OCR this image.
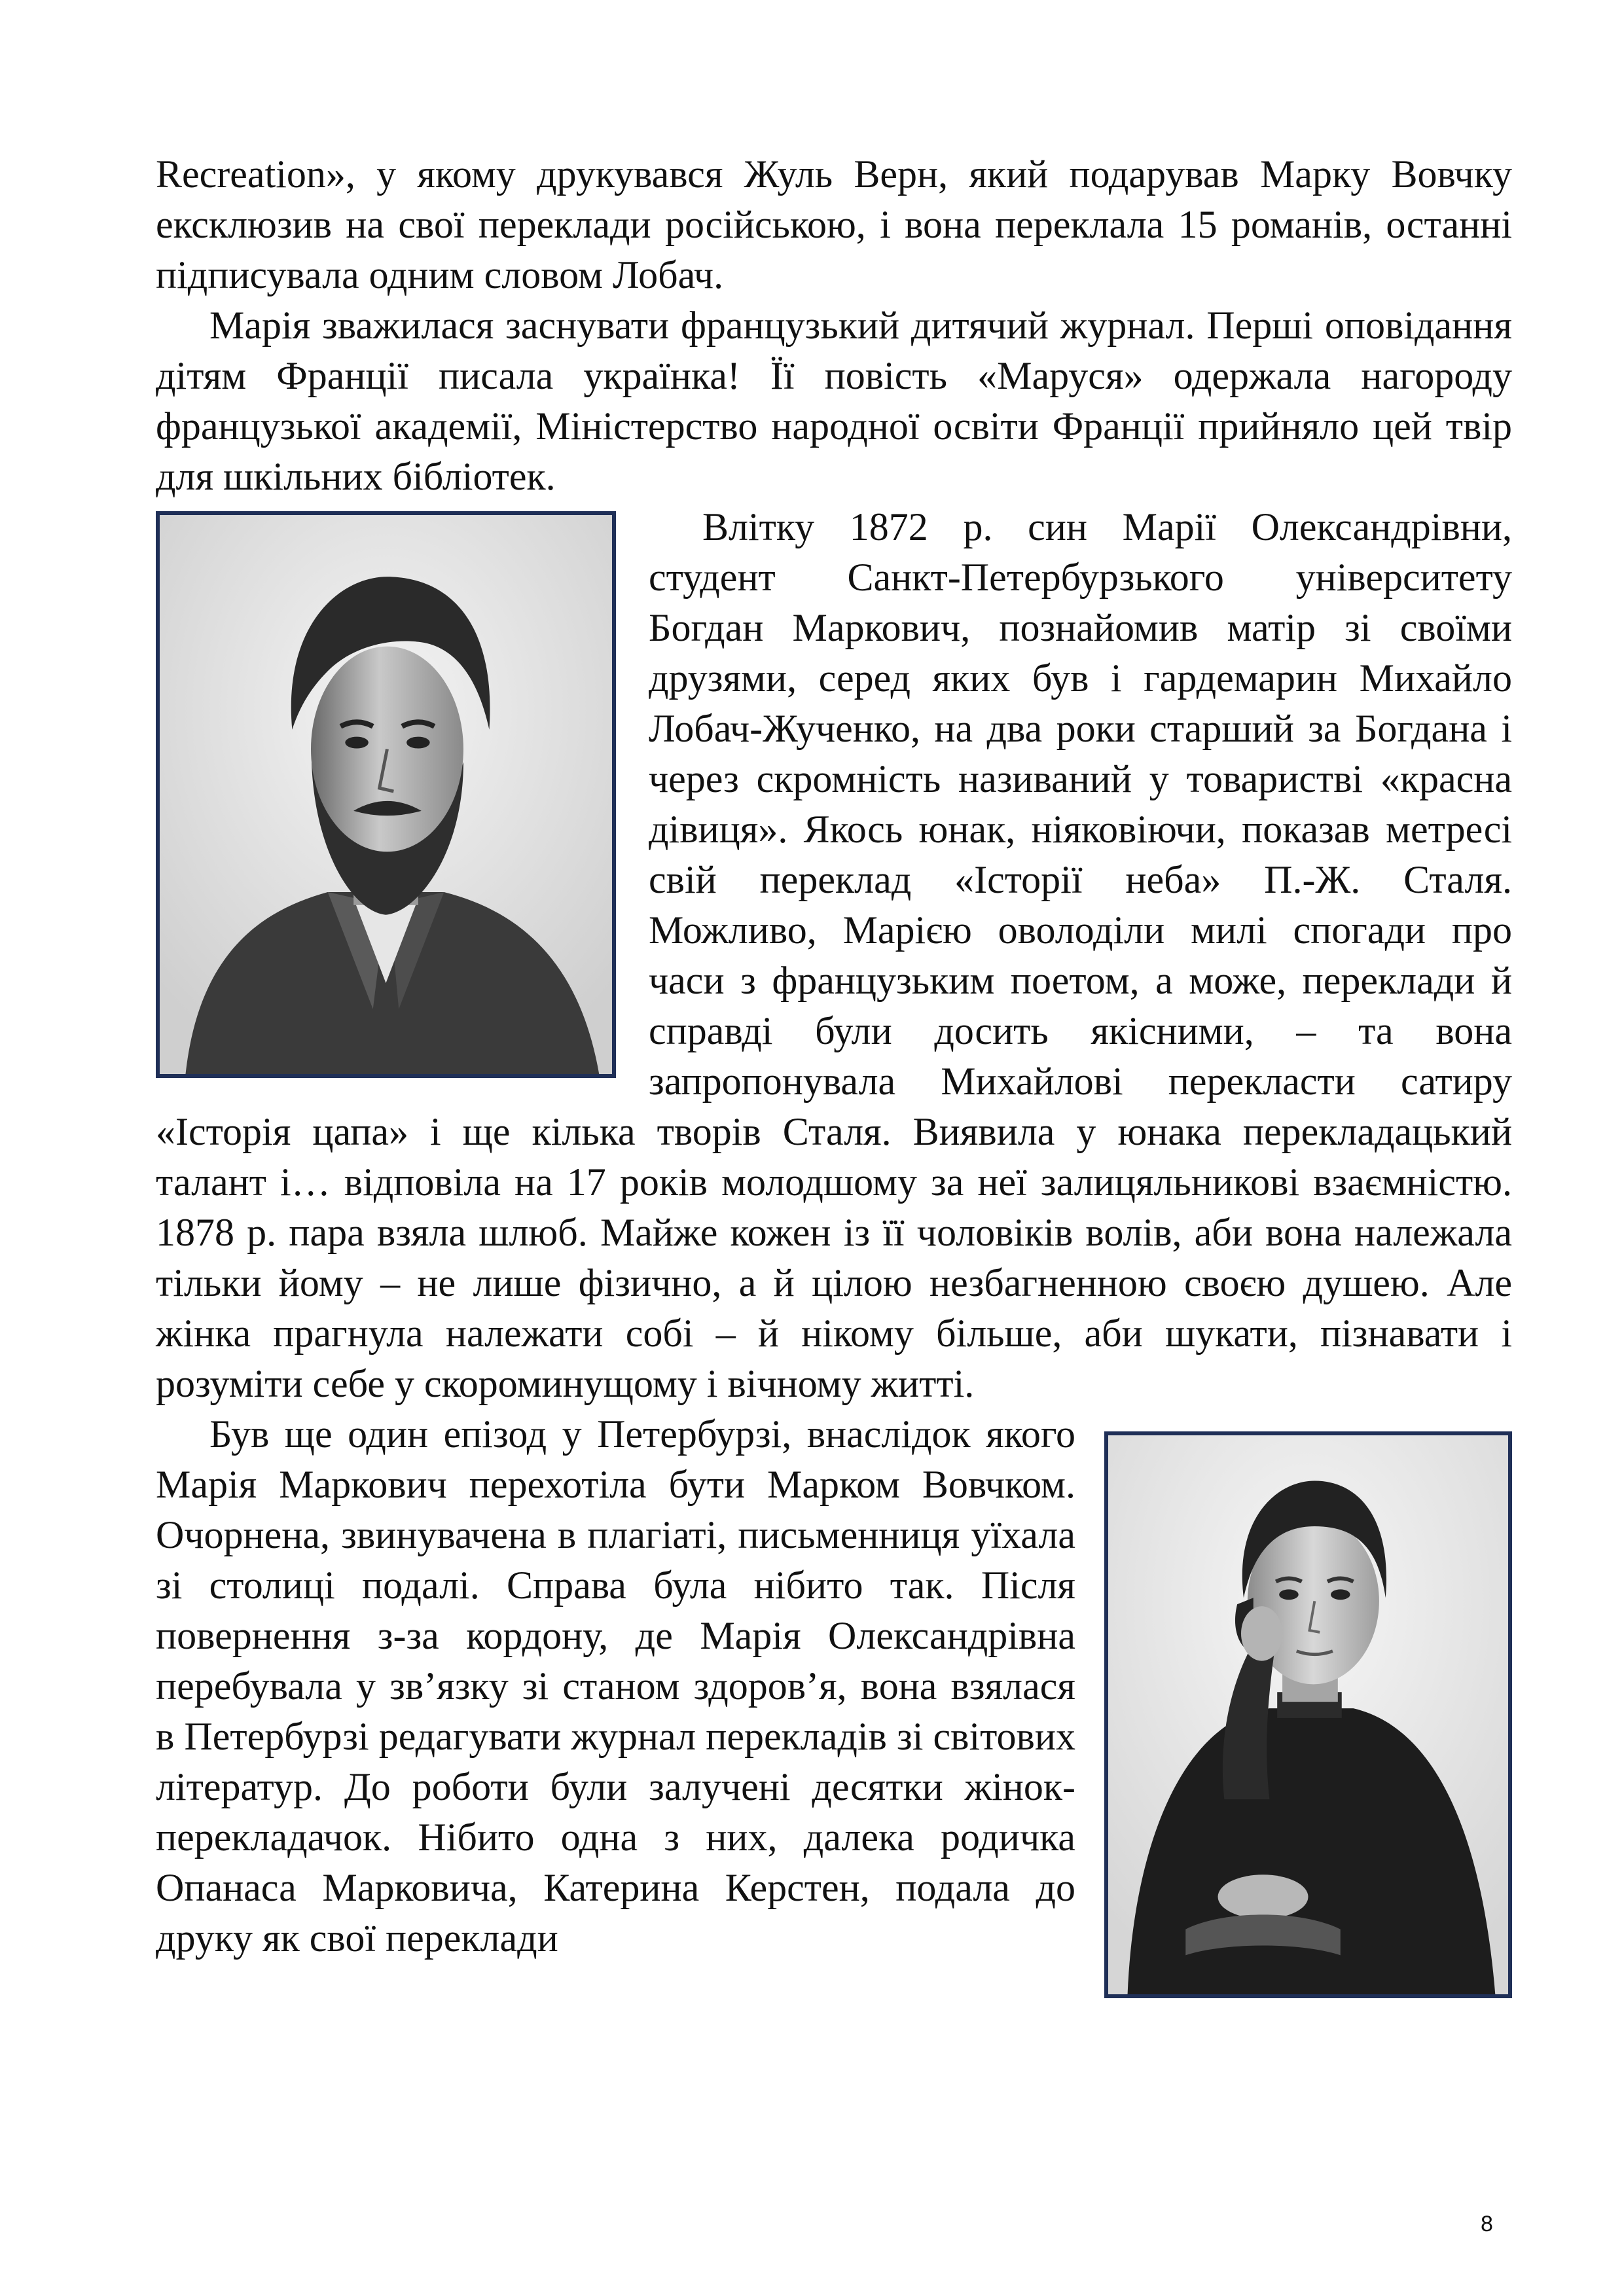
Recreation», у якому друкувався Жуль Верн, який подарував Марку Вовчку ексклюзив на свої переклади російською, і вона переклала 15 романів, останні підписувала одним словом Лобач.

Марія зважилася заснувати французький дитячий журнал. Перші оповідання дітям Франції писала українка! Її повість «Маруся» одержала нагороду французької академії, Міністерство народної освіти Франції прийняло цей твір для шкільних бібліотек.

Влітку 1872 р. син Марії Олександрівни, студент Санкт-Петербурзького університету Богдан Маркович, познайомив матір зі своїми друзями, серед яких був і гардемарин Михайло Лобач-Жученко, на два роки старший за Богдана і через скромність називаний у товаристві «красна дівиця». Якось юнак, ніяковіючи, показав метресі свій переклад «Історії неба» П.-Ж. Сталя. Можливо, Марією оволоділи милі спогади про часи з французьким поетом, а може, переклади й справді були досить якісними, – та вона запропонувала Михайлові перекласти сатиру «Історія цапа» і ще кілька творів Сталя. Виявила у юнака перекладацький талант і… відповіла на 17 років молодшому за неї залицяльникові взаємністю. 1878 р. пара взяла шлюб. Майже кожен із її чоловіків волів, аби вона належала тільки йому – не лише фізично, а й цілою незбагненною своєю душею. Але жінка прагнула належати собі – й нікому більше, аби шукати, пізнавати і розуміти себе у скороминущому і вічному житті.

Був ще один епізод у Петербурзі, внаслідок якого Марія Маркович перехотіла бути Марком Вовчком. Очорнена, звинувачена в плагіаті, письменниця уїхала зі столиці подалі. Справа була нібито так. Після повернення з-за кордону, де Марія Олександрівна перебувала у зв’язку зі станом здоров’я, вона взялася в Петербурзі редагувати журнал перекладів зі світових літератур. До роботи були залучені десятки жінок-перекладачок. Нібито одна з них, далека родичка Опанаса Марковича, Катерина Керстен, подала до друку як свої переклади

8
